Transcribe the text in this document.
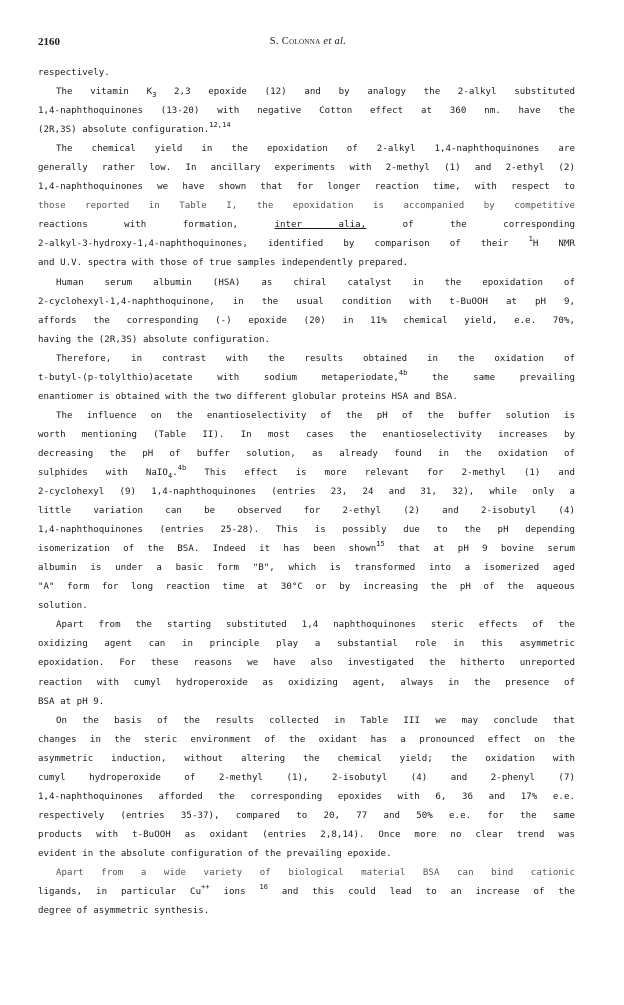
2160	S. Colonna et al.
respectively.
The vitamin $K_3$ 2,3 epoxide (12) and by analogy the 2-alkyl substituted
1,4-naphthoquinones (13-20) with negative Cotton effect at 360 nm. have the
(2R,3S) absolute configuration.$^{12,14}$
The chemical yield in the epoxidation of 2-alkyl 1,4-naphthoquinones are
generally rather low. In ancillary experiments with 2-methyl (1) and 2-ethyl (2)
1,4-naphthoquinones we have shown that for longer reaction time, with respect to
those reported in Table I, the epoxidation is accompanied by competitive
reactions with formation,	inter alia,	of the corresponding
2-alkyl-3-hydroxy-1,4-naphthoquinones, identified by comparison of their $^1$H NMR
and U.V. spectra with those of true samples independently prepared.
Human serum albumin (HSA) as chiral catalyst in the epoxidation of
2-cyclohexyl-1,4-naphthoquinone, in the usual condition with t-BuOOH at pH 9,
affords the corresponding (-) epoxide (20) in 11% chemical yield, e.e. 70%,
having the (2R,3S) absolute configuration.
Therefore, in contrast with the results obtained in the oxidation of
t-butyl-(p-tolylthio)acetate with sodium metaperiodate,$^{4b}$ the same prevailing
enantiomer is obtained with the two different globular proteins HSA and BSA.
The influence on the enantioselectivity of the pH of the buffer solution is
worth mentioning (Table II). In most cases the enantioselectivity increases by
decreasing the pH of buffer solution, as already found in the oxidation of
sulphides with NaIO$_4$.$^{4b}$ This effect is more relevant for 2-methyl (1) and
2-cyclohexyl (9) 1,4-naphthoquinones (entries 23, 24 and 31, 32), while only a
little variation can be observed for 2-ethyl (2) and 2-isobutyl (4)
1,4-naphthoquinones (entries 25-28). This is possibly due to the pH depending
isomerization of the BSA. Indeed it has been shown$^{15}$ that at pH 9 bovine serum
albumin is under a basic form "B", which is transformed into a isomerized aged
"A" form for long reaction time at 30°C or by increasing the pH of the aqueous
solution.
Apart from the starting substituted 1,4 naphthoquinones steric effects of the
oxidizing agent can in principle play a substantial role in this asymmetric
epoxidation. For these reasons we have also investigated the hitherto unreported
reaction with cumyl hydroperoxide as oxidizing agent, always in the presence of
BSA at pH 9.
On the basis of the results collected in Table III we may conclude that
changes in the steric environment of the oxidant has a pronounced effect on the
asymmetric induction, without altering the chemical yield; the oxidation with
cumyl hydroperoxide of 2-methyl (1), 2-isobutyl (4) and 2-phenyl (7)
1,4-naphthoquinones afforded the corresponding epoxides with 6, 36 and 17% e.e.
respectively (entries 35-37), compared to 20, 77 and 50% e.e. for the same
products with t-BuOOH as oxidant (entries 2,8,14). Once more no clear trend was
evident in the absolute configuration of the prevailing epoxide.
Apart from a wide variety of biological material BSA can bind cationic
ligands, in particular Cu++ ions $^{16}$ and this could lead to an increase of the
degree of asymmetric synthesis.
